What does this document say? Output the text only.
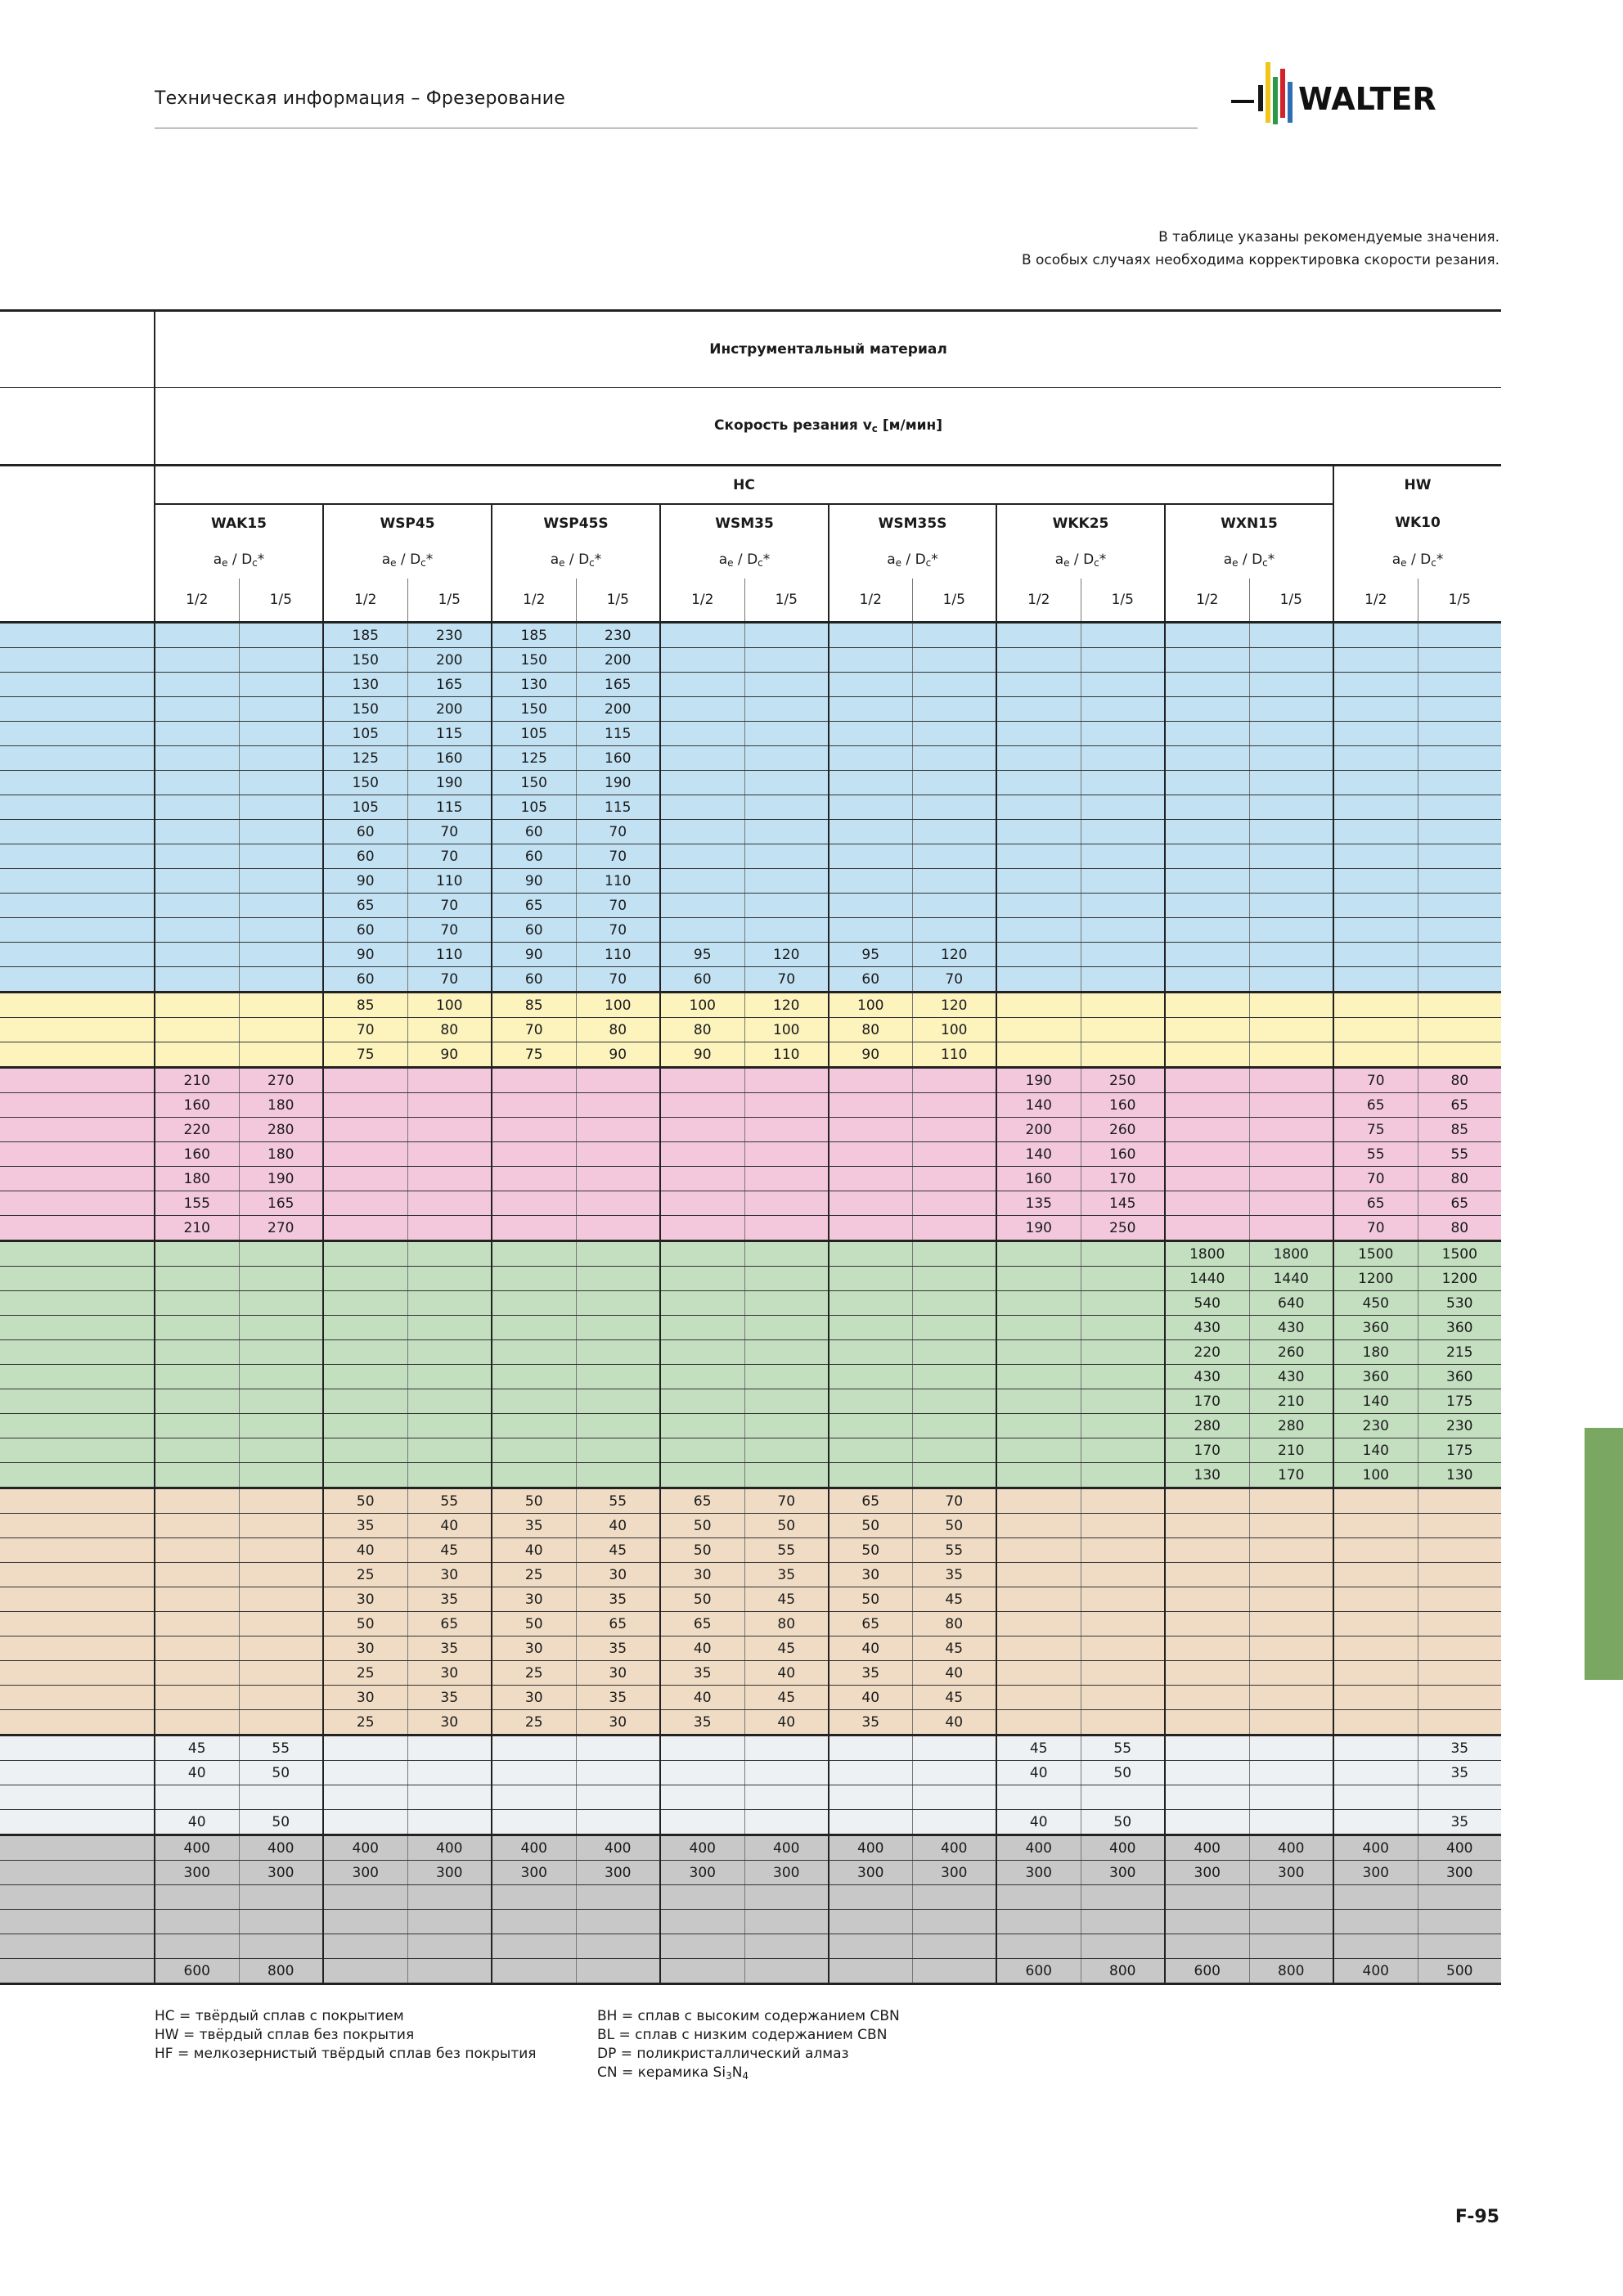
Техническая информация – Фрезерование	WALTER
В таблице указаны рекомендуемые значения.
В особых случаях необходима корректировка скорости резания.
	Инструментальный материал															
	Скорость резания $v_c$ [м/мин]															
	HC														HW	
	WAK15		WSP45		WSP45S		WSM35		WSM35S		WKK25		WXN15		WK10	
	$a_e / D_c*$		$a_e / D_c*$		$a_e / D_c*$		$a_e / D_c*$		$a_e / D_c*$		$a_e / D_c*$		$a_e / D_c*$		$a_e / D_c*$	
	1/2	1/5	1/2	1/5	1/2	1/5	1/2	1/5	1/2	1/5	1/2	1/5	1/2	1/5	1/2	1/5
			185	230	185	230										
			150	200	150	200										
			130	165	130	165										
			150	200	150	200										
			105	115	105	115										
			125	160	125	160										
			150	190	150	190										
			105	115	105	115										
			60	70	60	70										
			60	70	60	70										
			90	110	90	110										
			65	70	65	70										
			60	70	60	70										
			90	110	90	110	95	120	95	120						
			60	70	60	70	60	70	60	70						
			85	100	85	100	100	120	100	120						
			70	80	70	80	80	100	80	100						
			75	90	75	90	90	110	90	110						
	210	270									190	250			70	80
	160	180									140	160			65	65
	220	280									200	260			75	85
	160	180									140	160			55	55
	180	190									160	170			70	80
	155	165									135	145			65	65
	210	270									190	250			70	80
													1800	1800	1500	1500
													1440	1440	1200	1200
													540	640	450	530
													430	430	360	360
													220	260	180	215
													430	430	360	360
													170	210	140	175
													280	280	230	230
													170	210	140	175
													130	170	100	130
			50	55	50	55	65	70	65	70						
			35	40	35	40	50	50	50	50						
			40	45	40	45	50	55	50	55						
			25	30	25	30	30	35	30	35						
			30	35	30	35	50	45	50	45						
			50	65	50	65	65	80	65	80						
			30	35	30	35	40	45	40	45						
			25	30	25	30	35	40	35	40						
			30	35	30	35	40	45	40	45						
			25	30	25	30	35	40	35	40						
	45	55									45	55				35
	40	50									40	50				35

	40	50									40	50				35
	400	400	400	400	400	400	400	400	400	400	400	400	400	400	400	400
	300	300	300	300	300	300	300	300	300	300	300	300	300	300	300	300

	600	800									600	800	600	800	400	500
HC = твёрдый сплав с покрытием
HW = твёрдый сплав без покрытия
HF = мелкозернистый твёрдый сплав без покрытия
BH = сплав с высоким содержанием CBN
BL = сплав с низким содержанием CBN
DP = поликристаллический алмаз
CN = керамика $Si_3N_4$
F-95
